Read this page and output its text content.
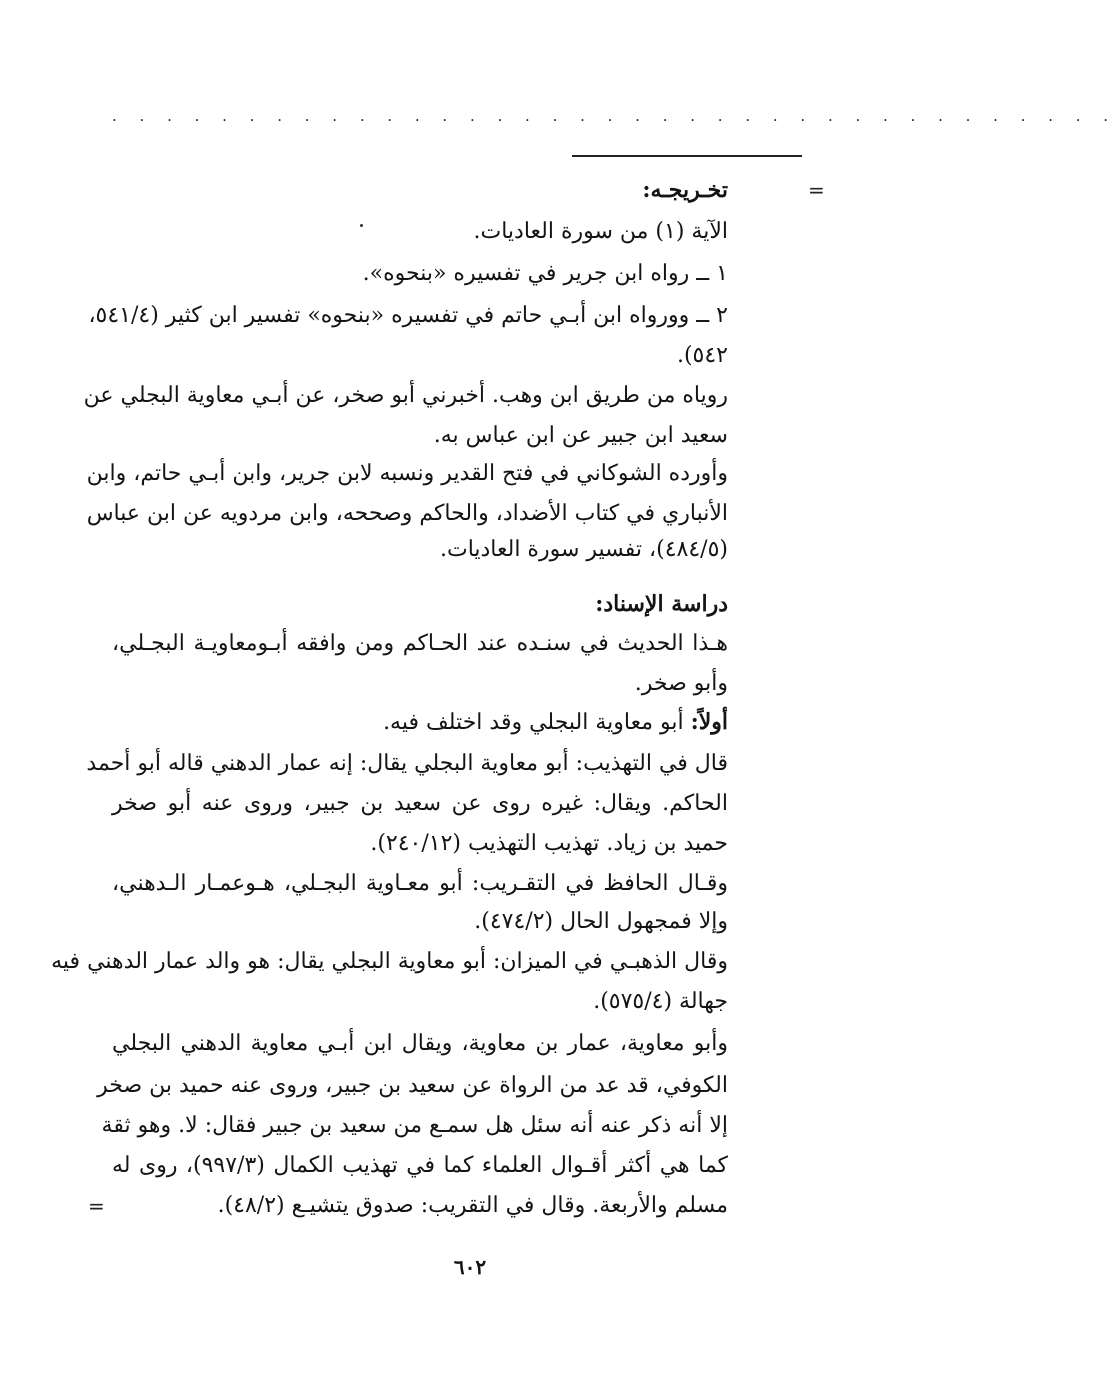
. . . . . . . . . . . . . . . . . . . . . . . . . . . . . . . . . . . . .
=
=
تخـريجـه:
الآية (١) من سورة العاديات.
١ ــ رواه ابن جرير في تفسيره «بنحوه».
٢ ــ وورواه ابن أبـي حاتم في تفسيره «بنحوه» تفسير ابن كثير (٥٤١/٤،
٥٤٢).
روياه من طريق ابن وهب. أخبرني أبو صخر، عن أبـي معاوية البجلي عن
سعيد ابن جبير عن ابن عباس به.
وأورده الشوكاني في فتح القدير ونسبه لابن جرير، وابن أبـي حاتم، وابن
الأنباري في كتاب الأضداد، والحاكم وصححه، وابن مردويه عن ابن عباس
(٤٨٤/٥)، تفسير سورة العاديات.
دراسة الإسناد:
هـذا الحديث في سنـده عند الحـاكم ومن وافقه أبـومعاويـة البجـلي،
وأبو صخر.
أولاً: أبو معاوية البجلي وقد اختلف فيه.
قال في التهذيب: أبو معاوية البجلي يقال: إنه عمار الدهني قاله أبو أحمد
الحاكم. ويقال: غيره روى عن سعيد بن جبير، وروى عنه أبو صخر
حميد بن زياد. تهذيب التهذيب (٢٤٠/١٢).
وقـال الحافظ في التقـريب: أبو معـاوية البجـلي، هـوعمـار الـدهني،
وإلا فمجهول الحال (٤٧٤/٢).
وقال الذهبـي في الميزان: أبو معاوية البجلي يقال: هو والد عمار الدهني فيه
جهالة (٥٧٥/٤).
وأبو معاوية، عمار بن معاوية، ويقال ابن أبـي معاوية الدهني البجلي
الكوفي، قد عد من الرواة عن سعيد بن جبير، وروى عنه حميد بن صخر
إلا أنه ذكر عنه أنه سئل هل سمـع من سعيد بن جبير فقال: لا. وهو ثقة
كما هي أكثر أقـوال العلماء كما في تهذيب الكمال (٩٩٧/٣)، روى له
مسلم والأربعة. وقال في التقريب: صدوق يتشيـع (٤٨/٢).
٦٠٢
